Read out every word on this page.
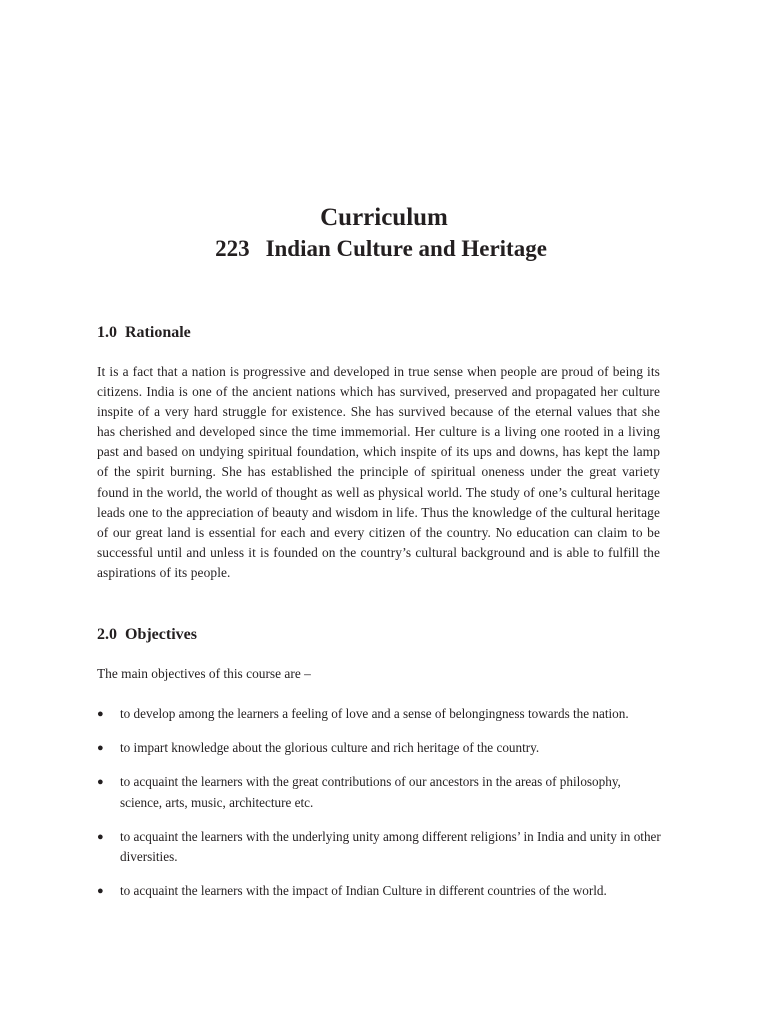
Curriculum
223 Indian Culture and Heritage
1.0 Rationale
It is a fact that a nation is progressive and developed in true sense when people are proud of being its citizens. India is one of the ancient nations which has survived, preserved and propagated her culture inspite of a very hard struggle for existence. She has survived because of the eternal values that she has cherished and developed since the time immemorial. Her culture is a living one rooted in a living past and based on undying spiritual foundation, which inspite of its ups and downs, has kept the lamp of the spirit burning. She has established the principle of spiritual oneness under the great variety found in the world, the world of thought as well as physical world. The study of one’s cultural heritage leads one to the appreciation of beauty and wisdom in life. Thus the knowledge of the cultural heritage of our great land is essential for each and every citizen of the country. No education can claim to be successful until and unless it is founded on the country’s cultural background and is able to fulfill the aspirations of its people.
2.0 Objectives
The main objectives of this course are –
● to develop among the learners a feeling of love and a sense of belongingness towards the nation.
● to impart knowledge about the glorious culture and rich heritage of the country.
● to acquaint the learners with the great contributions of our ancestors in the areas of philosophy, science, arts, music, architecture etc.
● to acquaint the learners with the underlying unity among different religions’ in India and unity in other diversities.
● to acquaint the learners with the impact of Indian Culture in different countries of the world.
